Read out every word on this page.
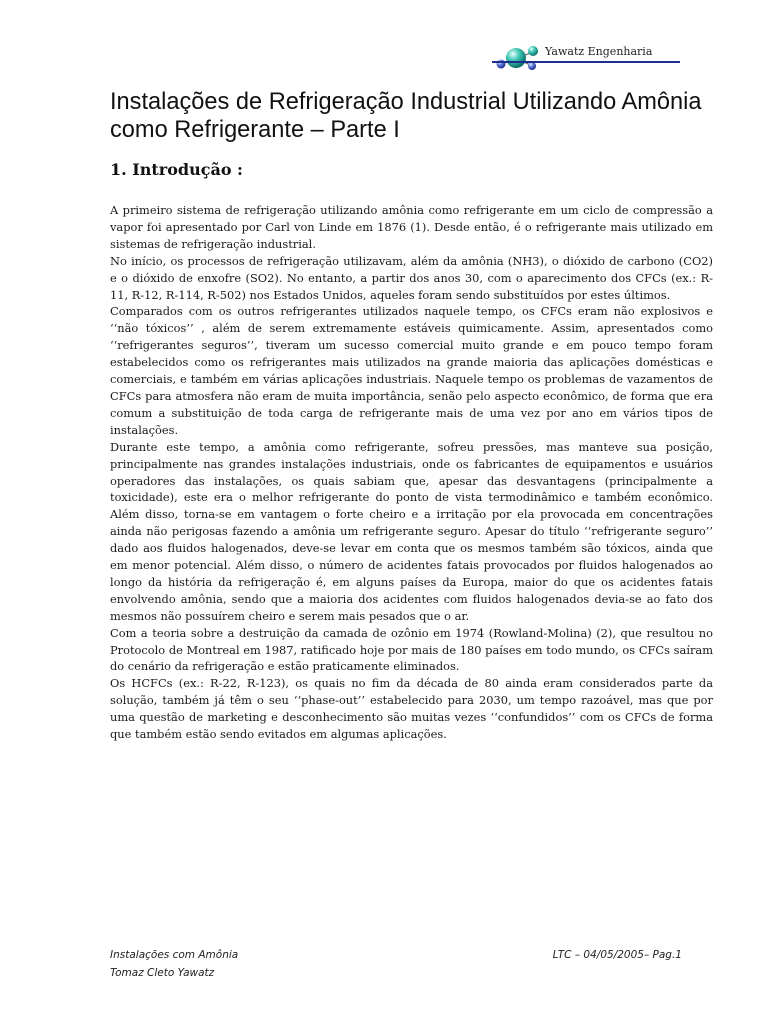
Yawatz Engenharia
Instalações de Refrigeração Industrial Utilizando Amônia como Refrigerante – Parte I
1. Introdução :

A primeiro sistema de refrigeração utilizando amônia como refrigerante em um ciclo de compressão a vapor foi apresentado por Carl von Linde em 1876 (1). Desde então, é o refrigerante mais utilizado em sistemas de refrigeração industrial.

No início, os processos de refrigeração utilizavam, além da amônia (NH3), o dióxido de carbono (CO2) e o dióxido de enxofre (SO2). No entanto, a partir dos anos 30, com o aparecimento dos CFCs (ex.: R-11, R-12, R-114, R-502) nos Estados Unidos, aqueles foram sendo substituídos por estes últimos.

Comparados com os outros refrigerantes utilizados naquele tempo, os CFCs eram não explosivos e ‘‘não tóxicos’’ , além de serem extremamente estáveis quimicamente. Assim, apresentados como ‘‘refrigerantes seguros’’, tiveram um sucesso comercial muito grande e em pouco tempo foram estabelecidos como os refrigerantes mais utilizados na grande maioria das aplicações domésticas e comerciais, e também em várias aplicações industriais. Naquele tempo os problemas de vazamentos de CFCs para atmosfera não eram de muita importância, senão pelo aspecto econômico, de forma que era comum a substituição de toda carga de refrigerante mais de uma vez por ano em vários tipos de instalações.

Durante este tempo, a amônia como refrigerante, sofreu pressões, mas manteve sua posição, principalmente nas grandes instalações industriais, onde os fabricantes de equipamentos e usuários operadores das instalações, os quais sabiam que, apesar das desvantagens (principalmente a toxicidade), este era o melhor refrigerante do ponto de vista termodinâmico e também econômico. Além disso, torna-se em vantagem o forte cheiro e a irritação por ela provocada em concentrações ainda não perigosas fazendo a amônia um refrigerante seguro. Apesar do título ‘‘refrigerante seguro’’ dado aos fluidos halogenados, deve-se levar em conta que os mesmos também são tóxicos, ainda que em menor potencial. Além disso, o número de acidentes fatais provocados por fluidos halogenados ao longo da história da refrigeração é, em alguns países da Europa, maior do que os acidentes fatais envolvendo amônia, sendo que a maioria dos acidentes com fluidos halogenados devia-se ao fato dos mesmos não possuírem cheiro e serem mais pesados que o ar.

Com a teoria sobre a destruição da camada de ozônio em 1974 (Rowland-Molina) (2), que resultou no Protocolo de Montreal em 1987, ratificado hoje por mais de 180 países em todo mundo, os CFCs saíram do cenário da refrigeração e estão praticamente eliminados.

Os HCFCs (ex.: R-22, R-123), os quais no fim da década de 80 ainda eram considerados parte da solução, também já têm o seu ‘‘phase-out’’ estabelecido para 2030, um tempo razoável, mas que por uma questão de marketing e desconhecimento são muitas vezes ‘‘confundidos’’ com os CFCs de forma que também estão sendo evitados em algumas aplicações.

Instalações com Amônia
Tomaz Cleto Yawatz
LTC – 04/05/2005– Pag.1
